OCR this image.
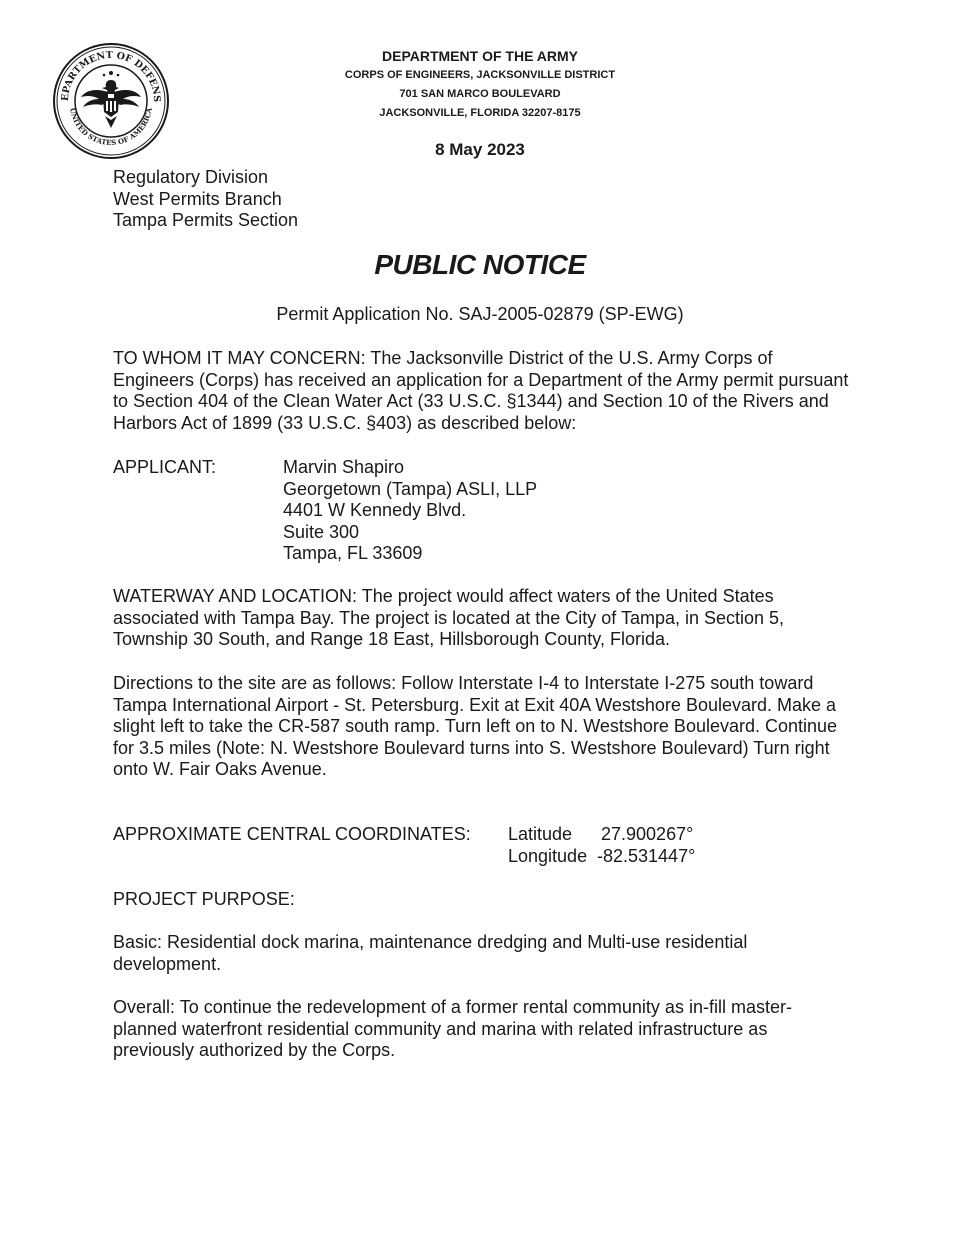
EPARTMENT OF DEFENS
UNITED STATES OF AMERICA
DEPARTMENT OF THE ARMY
CORPS OF ENGINEERS, JACKSONVILLE DISTRICT
701 SAN MARCO BOULEVARD
JACKSONVILLE, FLORIDA 32207-8175
8 May 2023
Regulatory Division
West Permits Branch
Tampa Permits Section
PUBLIC NOTICE
Permit Application No. SAJ-2005-02879 (SP-EWG)
TO WHOM IT MAY CONCERN: The Jacksonville District of the U.S. Army Corps of Engineers (Corps) has received an application for a Department of the Army permit pursuant to Section 404 of the Clean Water Act (33 U.S.C. §1344) and Section 10 of the Rivers and Harbors Act of 1899 (33 U.S.C. §403) as described below:
APPLICANT:	Marvin Shapiro
Georgetown (Tampa) ASLI, LLP
4401 W Kennedy Blvd.
Suite 300
Tampa, FL 33609
WATERWAY AND LOCATION: The project would affect waters of the United States associated with Tampa Bay. The project is located at the City of Tampa, in Section 5, Township 30 South, and Range 18 East, Hillsborough County, Florida.
Directions to the site are as follows: Follow Interstate I-4 to Interstate I-275 south toward Tampa International Airport - St. Petersburg. Exit at Exit 40A Westshore Boulevard. Make a slight left to take the CR-587 south ramp. Turn left on to N. Westshore Boulevard. Continue for 3.5 miles (Note: N. Westshore Boulevard turns into S. Westshore Boulevard) Turn right onto W. Fair Oaks Avenue.
APPROXIMATE CENTRAL COORDINATES: Latitude 27.900267°
Longitude -82.531447°
PROJECT PURPOSE:
Basic: Residential dock marina, maintenance dredging and Multi-use residential development.
Overall: To continue the redevelopment of a former rental community as in-fill master-planned waterfront residential community and marina with related infrastructure as previously authorized by the Corps.
